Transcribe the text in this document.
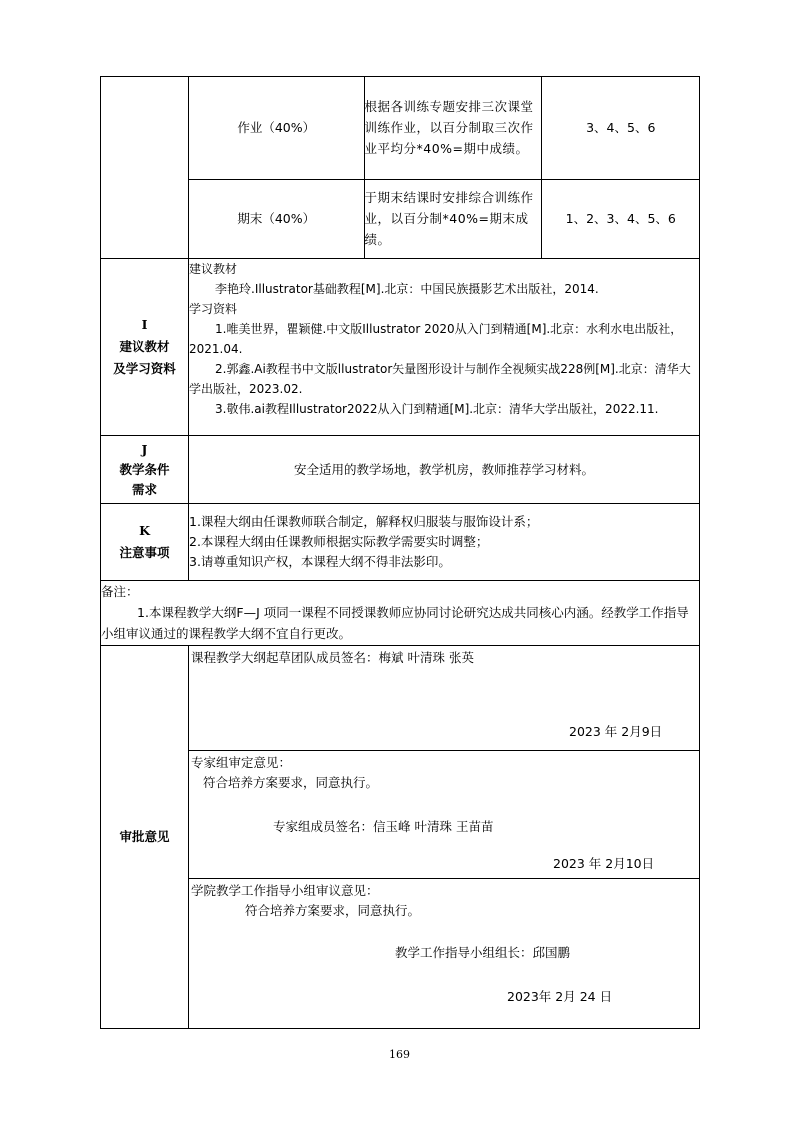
作业（40%）	根据各训练专题安排三次课堂训练作业，以百分制取三次作业平均分*40%=期中成绩。	3、4、5、6
期末（40%）	于期末结课时安排综合训练作业，以百分制*40%=期末成绩。	1、2、3、4、5、6

I
建议教材
及学习资料

建议教材
李艳玲.Illustrator基础教程[M].北京：中国民族摄影艺术出版社，2014.
学习资料
1.唯美世界，瞿颖健.中文版Illustrator 2020从入门到精通[M].北京：水利水电出版社，2021.04.
2.郭鑫.Ai教程书中文版llustrator矢量图形设计与制作全视频实战228例[M].北京：清华大学出版社，2023.02.
3.敬伟.ai教程Illustrator2022从入门到精通[M].北京：清华大学出版社，2022.11.

J
教学条件
需求
	安全适用的教学场地，教学机房，教师推荐学习材料。

K
注意事项

1.课程大纲由任课教师联合制定，解释权归服装与服饰设计系；
2.本课程大纲由任课教师根据实际教学需要实时调整；
3.请尊重知识产权，本课程大纲不得非法影印。

备注：
1.本课程教学大纲F—J 项同一课程不同授课教师应协同讨论研究达成共同核心内涵。经教学工作指导小组审议通过的课程教学大纲不宜自行更改。

审批意见	
课程教学大纲起草团队成员签名：梅斌 叶清珠 张英
2023 年 2月9日

专家组审定意见：
符合培养方案要求，同意执行。
专家组成员签名：信玉峰 叶清珠 王苗苗
2023 年 2月10日

学院教学工作指导小组审议意见：
符合培养方案要求，同意执行。
教学工作指导小组组长：邱国鹏
2023年 2月 24 日
169
